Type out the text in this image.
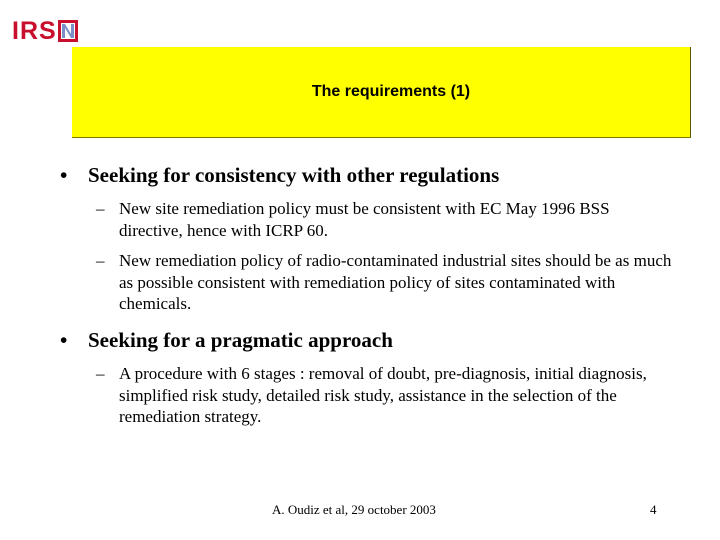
IRS
The requirements (1)
• Seeking for consistency with other regulations
– New site remediation policy must be consistent with EC May 1996 BSS directive, hence with ICRP 60.
– New remediation policy of radio-contaminated industrial sites should be as much as possible consistent with remediation policy of sites contaminated with chemicals.
• Seeking for a pragmatic approach
– A procedure with 6 stages : removal of doubt, pre-diagnosis, initial diagnosis, simplified risk study, detailed risk study, assistance in the selection of the remediation strategy.
A. Oudiz et al, 29 october 2003	4
